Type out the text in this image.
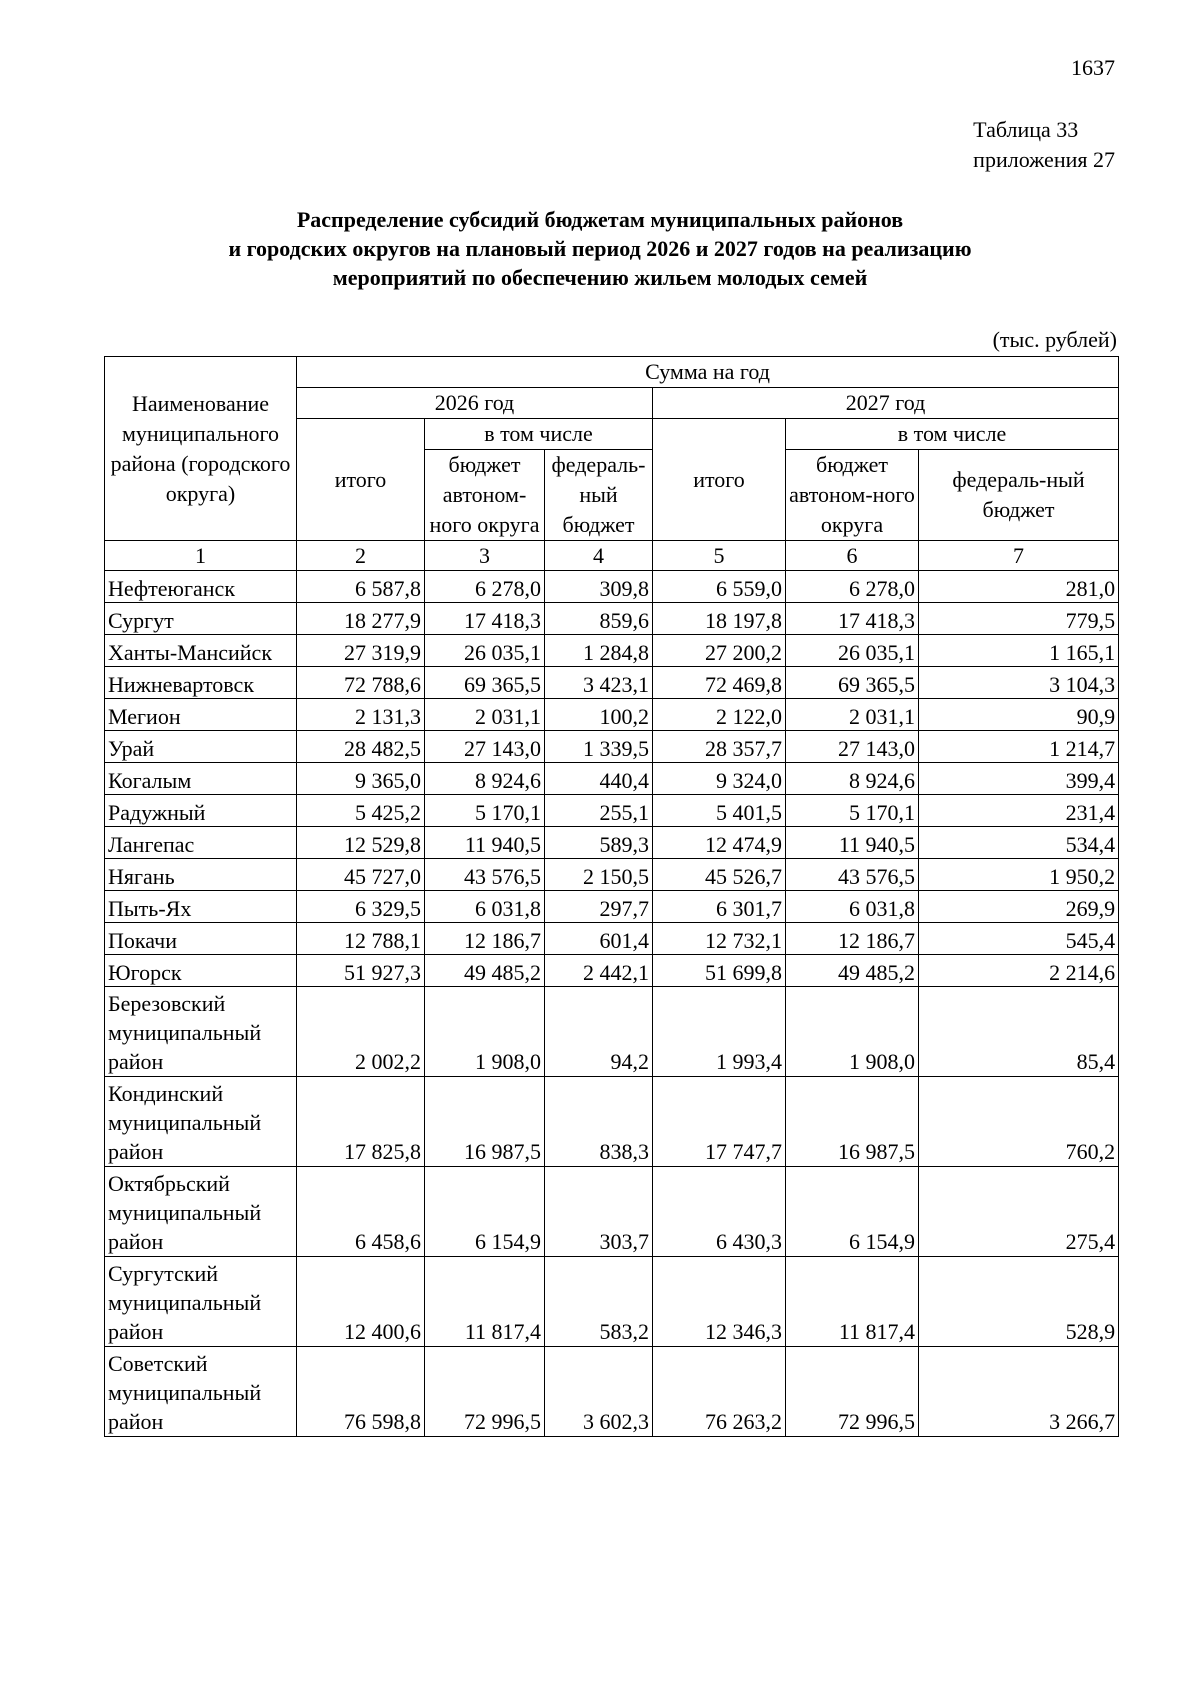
1637
Таблица 33
приложения 27
Распределение субсидий бюджетам муниципальных районов
и городских округов на плановый период 2026 и 2027 годов на реализацию
мероприятий по обеспечению жильем молодых семей
(тыс. рублей)
Наименование муниципального района (городского округа)	Сумма на год					
	2026 год			2027 год		
	итого	в том числе		итого	в том числе	
		бюджет автоном-ного округа	федераль-ный бюджет		бюджет автоном-ного округа	федераль-ный бюджет
1	2	3	4	5	6	7
Нефтеюганск	6 587,8	6 278,0	309,8	6 559,0	6 278,0	281,0
Сургут	18 277,9	17 418,3	859,6	18 197,8	17 418,3	779,5
Ханты-Мансийск	27 319,9	26 035,1	1 284,8	27 200,2	26 035,1	1 165,1
Нижневартовск	72 788,6	69 365,5	3 423,1	72 469,8	69 365,5	3 104,3
Мегион	2 131,3	2 031,1	100,2	2 122,0	2 031,1	90,9
Урай	28 482,5	27 143,0	1 339,5	28 357,7	27 143,0	1 214,7
Когалым	9 365,0	8 924,6	440,4	9 324,0	8 924,6	399,4
Радужный	5 425,2	5 170,1	255,1	5 401,5	5 170,1	231,4
Лангепас	12 529,8	11 940,5	589,3	12 474,9	11 940,5	534,4
Нягань	45 727,0	43 576,5	2 150,5	45 526,7	43 576,5	1 950,2
Пыть-Ях	6 329,5	6 031,8	297,7	6 301,7	6 031,8	269,9
Покачи	12 788,1	12 186,7	601,4	12 732,1	12 186,7	545,4
Югорск	51 927,3	49 485,2	2 442,1	51 699,8	49 485,2	2 214,6
Березовский муниципальный район	2 002,2	1 908,0	94,2	1 993,4	1 908,0	85,4
Кондинский муниципальный район	17 825,8	16 987,5	838,3	17 747,7	16 987,5	760,2
Октябрьский муниципальный район	6 458,6	6 154,9	303,7	6 430,3	6 154,9	275,4
Сургутский муниципальный район	12 400,6	11 817,4	583,2	12 346,3	11 817,4	528,9
Советский муниципальный район	76 598,8	72 996,5	3 602,3	76 263,2	72 996,5	3 266,7
